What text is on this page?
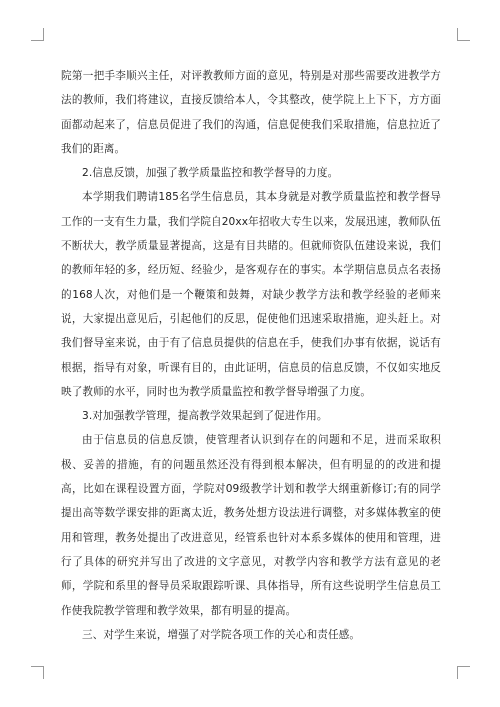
院第一把手李顺兴主任，对评教教师方面的意见，特别是对那些需要改进教学方法的教师，我们将建议，直接反馈给本人，令其整改，使学院上上下下，方方面面都动起来了，信息员促进了我们的沟通，信息促使我们采取措施，信息拉近了我们的距离。

2.信息反馈，加强了教学质量监控和教学督导的力度。

本学期我们聘请185名学生信息员，其本身就是对教学质量监控和教学督导工作的一支有生力量，我们学院自20xx年招收大专生以来，发展迅速，教师队伍不断状大，教学质量显著提高，这是有目共睹的。但就师资队伍建设来说，我们的教师年轻的多，经历短、经验少，是客观存在的事实。本学期信息员点名表扬的168人次，对他们是一个鞭策和鼓舞，对缺少教学方法和教学经验的老师来说，大家提出意见后，引起他们的反思，促使他们迅速采取措施，迎头赶上。对我们督导室来说，由于有了信息员提供的信息在手，使我们办事有依据，说话有根据，指导有对象，听课有目的，由此证明，信息员的信息反馈，不仅如实地反映了教师的水平，同时也为教学质量监控和教学督导增强了力度。

3.对加强教学管理，提高教学效果起到了促进作用。

由于信息员的信息反馈，使管理者认识到存在的问题和不足，进而采取积极、妥善的措施，有的问题虽然还没有得到根本解决，但有明显的的改进和提高，比如在课程设置方面，学院对09级教学计划和教学大纲重新修订;有的同学提出高等数学课安排的距离太近，教务处想方设法进行调整，对多媒体教室的使用和管理，教务处提出了改进意见，经管系也针对本系多媒体的使用和管理，进行了具体的研究并写出了改进的文字意见，对教学内容和教学方法有意见的老师，学院和系里的督导员采取跟踪听课、具体指导，所有这些说明学生信息员工作使我院教学管理和教学效果，都有明显的提高。

三、对学生来说，增强了对学院各项工作的关心和责任感。
